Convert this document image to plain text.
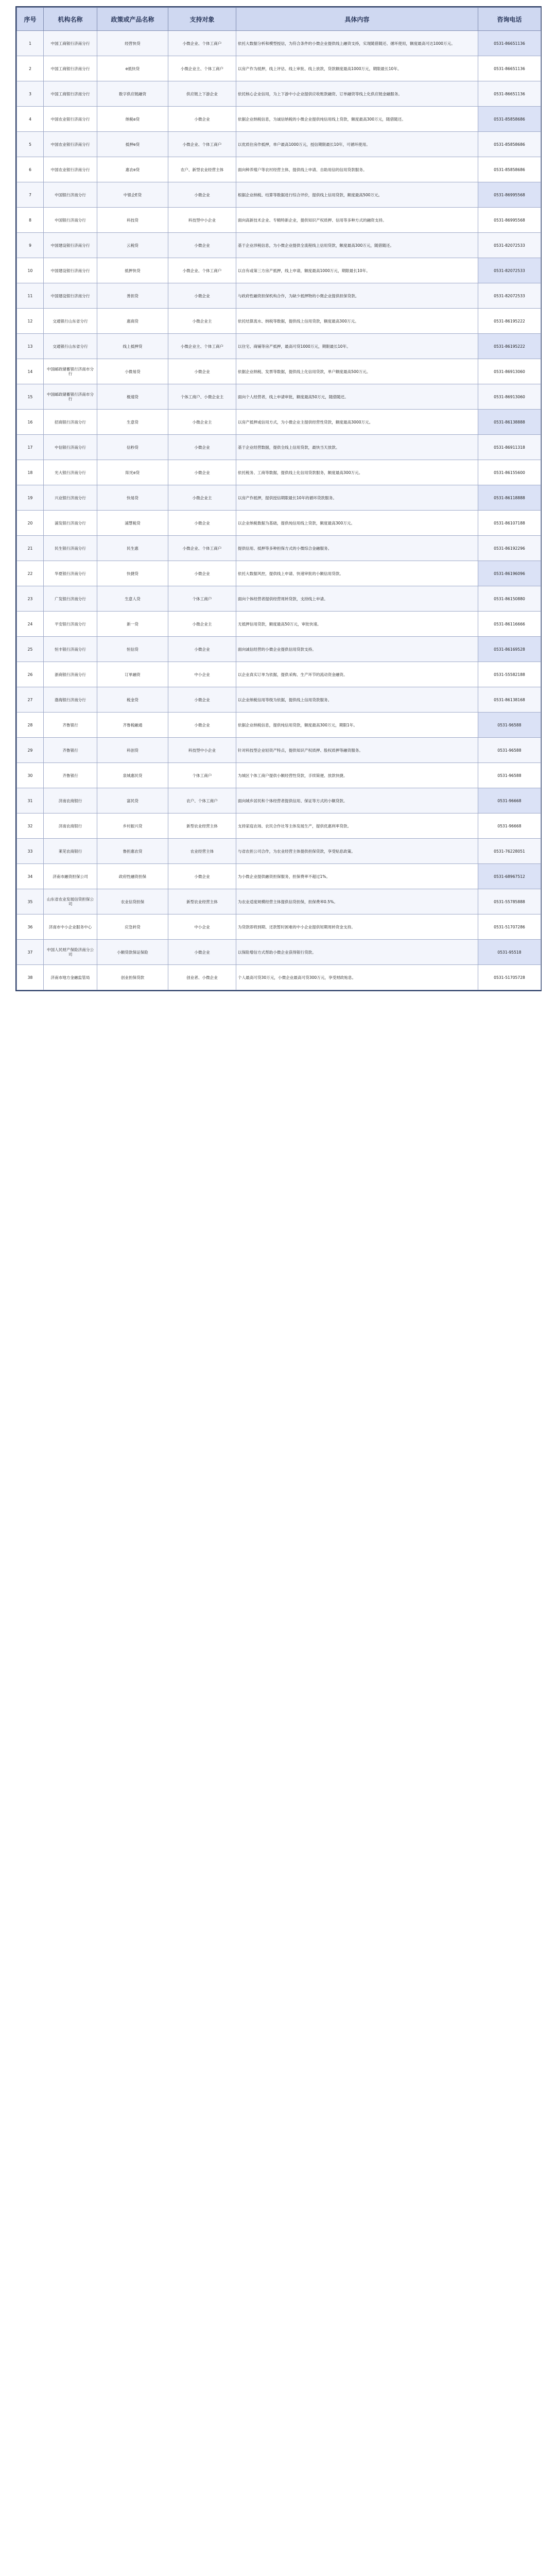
序号	机构名称	政策或产品名称	支持对象	具体内容	咨询电话
1	中国工商银行济南分行	经营快贷	小微企业、个体工商户	依托大数据分析和模型授信，为符合条件的小微企业提供线上融资支持，实现随借随还、循环使用，额度最高可达1000万元。	0531-86651136
2	中国工商银行济南分行	e抵快贷	小微企业主、个体工商户	以房产作为抵押，线上评估、线上审批、线上放款，贷款额度最高1000万元，期限最长10年。	0531-86651136
3	中国工商银行济南分行	数字供应链融资	供应链上下游企业	依托核心企业信用，为上下游中小企业提供应收账款融资、订单融资等线上化供应链金融服务。	0531-86651136
4	中国农业银行济南分行	纳税e贷	小微企业	依据企业纳税信息，为诚信纳税的小微企业提供纯信用线上贷款，额度最高300万元，随借随还。	0531-85858686
5	中国农业银行济南分行	抵押e贷	小微企业、个体工商户	以优质住房作抵押，单户最高1000万元，授信期限最长10年，可循环使用。	0531-85858686
6	中国农业银行济南分行	惠农e贷	农户、新型农业经营主体	面向种养殖户等农村经营主体，提供线上申请、自助用信的信用贷款服务。	0531-85858686
7	中国银行济南分行	中银企E贷	小微企业	根据企业纳税、结算等数据进行综合评价，提供线上信用贷款，额度最高500万元。	0531-86995568
8	中国银行济南分行	科技贷	科技型中小企业	面向高新技术企业、专精特新企业，提供知识产权质押、信用等多种方式的融资支持。	0531-86995568
9	中国建设银行济南分行	云税贷	小微企业	基于企业涉税信息，为小微企业提供全流程线上信用贷款，额度最高300万元，随借随还。	0531-82072533
10	中国建设银行济南分行	抵押快贷	小微企业、个体工商户	以自有或第三方房产抵押，线上申请，额度最高1000万元，期限最长10年。	0531-82072533
11	中国建设银行济南分行	善担贷	小微企业	与政府性融资担保机构合作，为缺少抵押物的小微企业提供担保贷款。	0531-82072533
12	交通银行山东省分行	惠商贷	小微企业主	依托结算流水、纳税等数据，提供线上信用贷款，额度最高300万元。	0531-86195222
13	交通银行山东省分行	线上抵押贷	小微企业主、个体工商户	以住宅、商铺等房产抵押，最高可贷1000万元，期限最长10年。	0531-86195222
14	中国邮政储蓄银行济南市分行	小微易贷	小微企业	依据企业纳税、发票等数据，提供线上化信用贷款，单户额度最高500万元。	0531-86913060
15	中国邮政储蓄银行济南市分行	极速贷	个体工商户、小微企业主	面向个人经营者，线上申请审批，额度最高50万元，随借随还。	0531-86913060
16	招商银行济南分行	生意贷	小微企业主	以房产抵押或信用方式，为小微企业主提供经营性贷款，额度最高3000万元。	0531-86138888
17	中信银行济南分行	信秒贷	小微企业	基于企业经营数据，提供全线上信用贷款，最快当天放款。	0531-86911318
18	光大银行济南分行	阳光e贷	小微企业	依托税务、工商等数据，提供线上化信用贷款服务，额度最高300万元。	0531-86155600
19	兴业银行济南分行	快易贷	小微企业主	以房产作抵押，提供授信期限最长10年的循环贷款服务。	0531-86118888
20	浦发银行济南分行	浦慧税贷	小微企业	以企业纳税数据为基础，提供纯信用线上贷款，额度最高300万元。	0531-86107188
21	民生银行济南分行	民生惠	小微企业、个体工商户	提供信用、抵押等多种担保方式的小微综合金融服务。	0531-86192296
22	华夏银行济南分行	快捷贷	小微企业	依托大数据风控，提供线上申请、快速审批的小额信用贷款。	0531-86196096
23	广发银行济南分行	生意人贷	个体工商户	面向个体经营者提供经营周转贷款，支持线上申请。	0531-86150880
24	平安银行济南分行	新一贷	小微企业主	无抵押信用贷款，额度最高50万元，审批快速。	0531-86116666
25	恒丰银行济南分行	恒信贷	小微企业	面向诚信经营的小微企业提供信用贷款支持。	0531-86169528
26	浙商银行济南分行	订单融资	中小企业	以企业真实订单为依据，提供采购、生产环节的流动资金融资。	0531-55582188
27	渤海银行济南分行	税金贷	小微企业	以企业纳税信用等级为依据，提供线上信用贷款服务。	0531-86138168
28	齐鲁银行	齐鲁税融通	小微企业	依据企业纳税信息，提供纯信用贷款，额度最高300万元，期限1年。	0531-96588
29	齐鲁银行	科创贷	科技型中小企业	针对科技型企业轻资产特点，提供知识产权质押、股权质押等融资服务。	0531-96588
30	齐鲁银行	泉城惠民贷	个体工商户	为城区个体工商户提供小额经营性贷款，手续简便、放款快捷。	0531-96588
31	济南农商银行	富民贷	农户、个体工商户	面向城乡居民和个体经营者提供信用、保证等方式的小额贷款。	0531-96668
32	济南农商银行	乡村振兴贷	新型农业经营主体	支持家庭农场、农民合作社等主体发展生产，提供优惠利率贷款。	0531-96668
33	莱芜农商银行	鲁担惠农贷	农业经营主体	与省农担公司合作，为农业经营主体提供担保贷款，享受贴息政策。	0531-76228051
34	济南市融资担保公司	政府性融资担保	小微企业	为小微企业提供融资担保服务，担保费率不超过1%。	0531-68967512
35	山东省农业发展信贷担保公司	农业信贷担保	新型农业经营主体	为农业适度规模经营主体提供信贷担保，担保费率0.5%。	0531-55785888
36	济南市中小企业服务中心	应急转贷	中小企业	为贷款即将到期、还款暂时困难的中小企业提供短期周转资金支持。	0531-51707286
37	中国人民财产保险济南分公司	小额贷款保证保险	小微企业	以保险增信方式帮助小微企业获得银行贷款。	0531-95518
38	济南市地方金融监管局	创业担保贷款	创业者、小微企业	个人最高可贷30万元，小微企业最高可贷300万元，享受财政贴息。	0531-51705728
